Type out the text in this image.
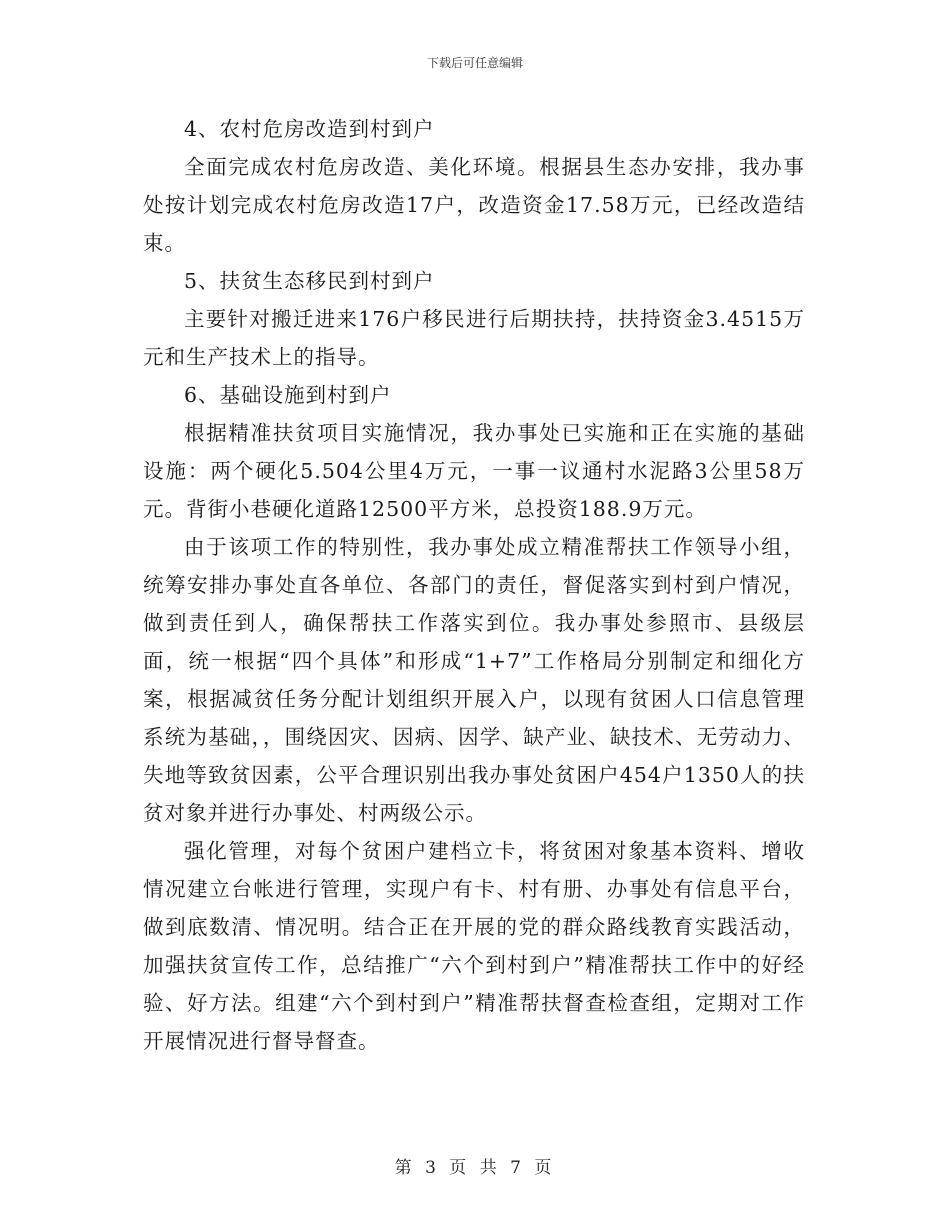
下载后可任意编辑

4、农村危房改造到村到户

全面完成农村危房改造、美化环境。根据县生态办安排，我办事处按计划完成农村危房改造17户，改造资金17.58万元，已经改造结束。

5、扶贫生态移民到村到户

主要针对搬迁进来176户移民进行后期扶持，扶持资金3.4515万元和生产技术上的指导。

6、基础设施到村到户

根据精准扶贫项目实施情况，我办事处已实施和正在实施的基础设施：两个硬化5.504公里4万元，一事一议通村水泥路3公里58万元。背街小巷硬化道路12500平方米，总投资188.9万元。

由于该项工作的特别性，我办事处成立精准帮扶工作领导小组，统筹安排办事处直各单位、各部门的责任，督促落实到村到户情况，做到责任到人，确保帮扶工作落实到位。我办事处参照市、县级层面，统一根据“四个具体”和形成“1+7”工作格局分别制定和细化方案，根据减贫任务分配计划组织开展入户，以现有贫困人口信息管理系统为基础，，围绕因灾、因病、因学、缺产业、缺技术、无劳动力、失地等致贫因素，公平合理识别出我办事处贫困户454户1350人的扶贫对象并进行办事处、村两级公示。

强化管理，对每个贫困户建档立卡，将贫困对象基本资料、增收情况建立台帐进行管理，实现户有卡、村有册、办事处有信息平台，做到底数清、情况明。结合正在开展的党的群众路线教育实践活动，加强扶贫宣传工作，总结推广“六个到村到户”精准帮扶工作中的好经验、好方法。组建“六个到村到户”精准帮扶督查检查组，定期对工作开展情况进行督导督查。

第 3 页 共 7 页
